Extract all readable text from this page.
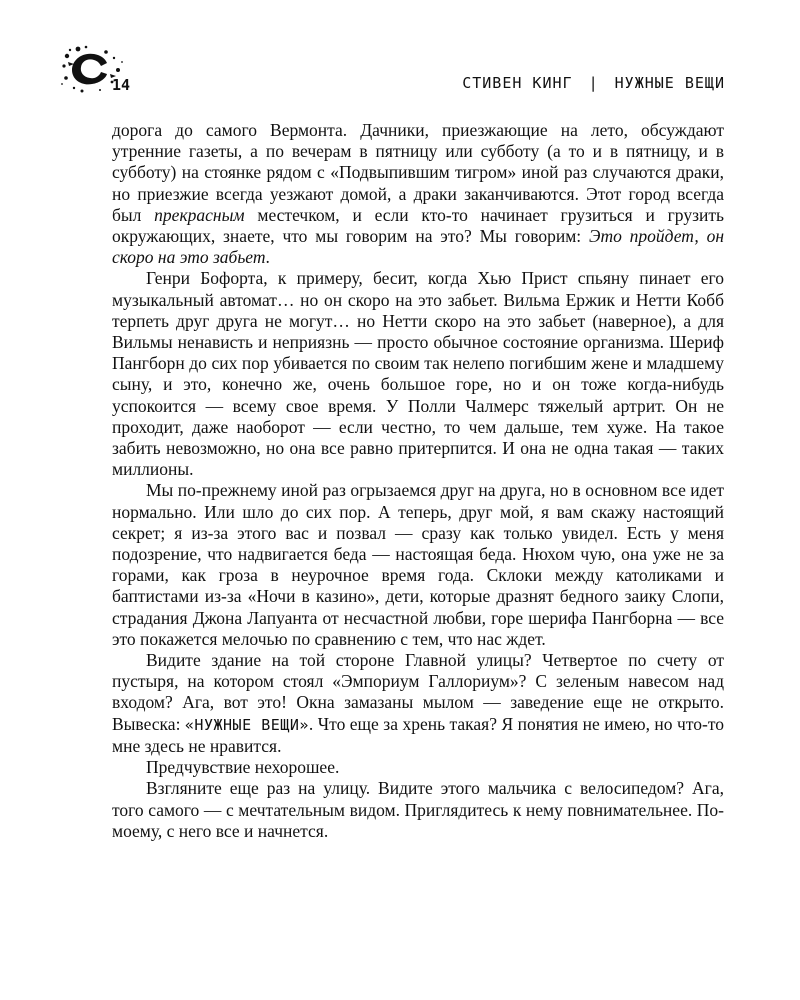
14	СТИВЕН КИНГ | НУЖНЫЕ ВЕЩИ

дорога до самого Вермонта. Дачники, приезжающие на лето, обсуждают утренние газеты, а по вечерам в пятницу или субботу (а то и в пятницу, и в субботу) на стоянке рядом с «Подвыпившим тигром» иной раз случаются драки, но приезжие всегда уезжают домой, а драки заканчиваются. Этот город всегда был прекрасным местечком, и если кто-то начинает грузиться и грузить окружающих, знаете, что мы говорим на это? Мы говорим: Это пройдет, он скоро на это забьет.

Генри Бофорта, к примеру, бесит, когда Хью Прист спьяну пинает его музыкальный автомат… но он скоро на это забьет. Вильма Ержик и Нетти Кобб терпеть друг друга не могут… но Нетти скоро на это забьет (наверное), а для Вильмы ненависть и неприязнь — просто обычное состояние организма. Шериф Пангборн до сих пор убивается по своим так нелепо погибшим жене и младшему сыну, и это, конечно же, очень большое горе, но и он тоже когда-нибудь успокоится — всему свое время. У Полли Чалмерс тяжелый артрит. Он не проходит, даже наоборот — если честно, то чем дальше, тем хуже. На такое забить невозможно, но она все равно притерпится. И она не одна такая — таких миллионы.

Мы по-прежнему иной раз огрызаемся друг на друга, но в основном все идет нормально. Или шло до сих пор. А теперь, друг мой, я вам скажу настоящий секрет; я из-за этого вас и позвал — сразу как только увидел. Есть у меня подозрение, что надвигается беда — настоящая беда. Нюхом чую, она уже не за горами, как гроза в неурочное время года. Склоки между католиками и баптистами из-за «Ночи в казино», дети, которые дразнят бедного заику Слопи, страдания Джона Лапуанта от несчастной любви, горе шерифа Пангборна — все это покажется мелочью по сравнению с тем, что нас ждет.

Видите здание на той стороне Главной улицы? Четвертое по счету от пустыря, на котором стоял «Эмпориум Галлориум»? С зеленым навесом над входом? Ага, вот это! Окна замазаны мылом — заведение еще не открыто. Вывеска: «НУЖНЫЕ ВЕЩИ». Что еще за хрень такая? Я понятия не имею, но что-то мне здесь не нравится.

Предчувствие нехорошее.

Взгляните еще раз на улицу. Видите этого мальчика с велосипедом? Ага, того самого — с мечтательным видом. Приглядитесь к нему повнимательнее. По-моему, с него все и начнется.
